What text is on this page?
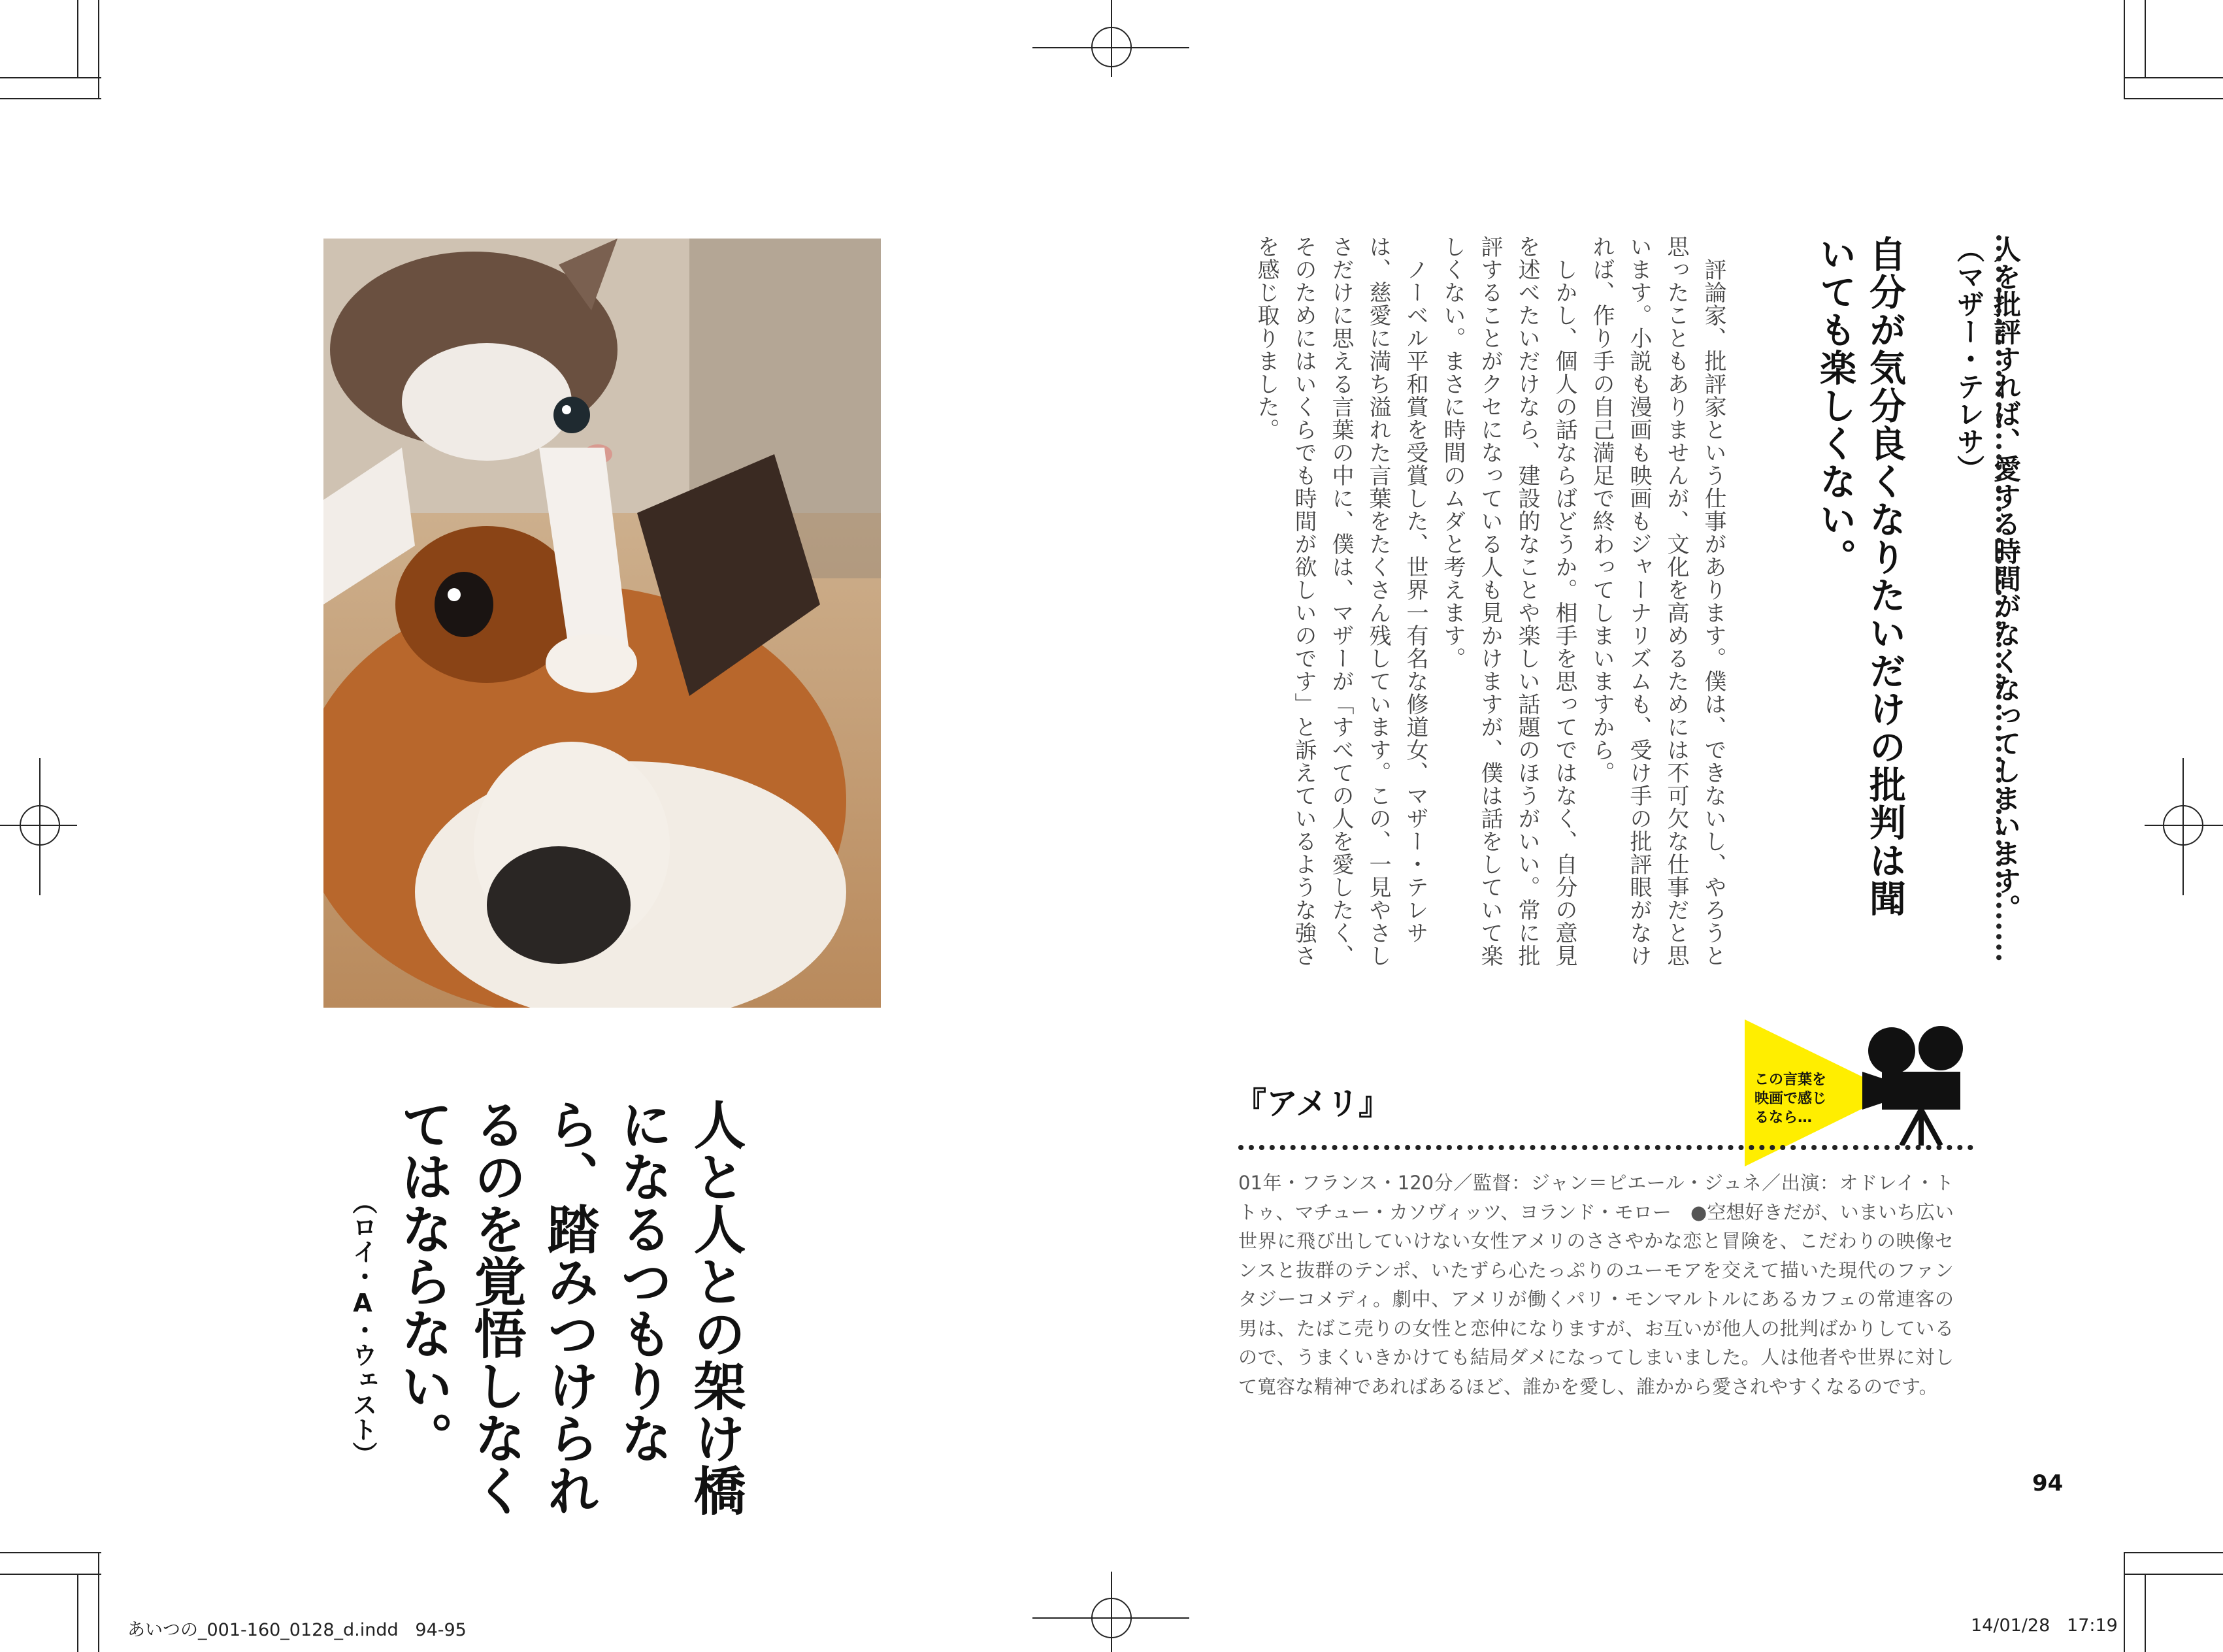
人と人との架け橋になるつもりなら、踏みつけられるのを覚悟しなくてはならない。
（ロイ・A・ウェスト）
人を批評すれば、愛する時間がなくなってしまいます。（マザー・テレサ）
自分が気分良くなりたいだけの批判は聞いても楽しくない。
　評論家、批評家という仕事があります。僕は、できないし、やろうと思ったこともありませんが、文化を高めるためには不可欠な仕事だと思います。小説も漫画も映画もジャーナリズムも、受け手の批評眼がなければ、作り手の自己満足で終わってしまいますから。
　しかし、個人の話ならばどうか。相手を思ってではなく、自分の意見を述べたいだけなら、建設的なことや楽しい話題のほうがいい。常に批評することがクセになっている人も見かけますが、僕は話をしていて楽しくない。まさに時間のムダと考えます。
　ノーベル平和賞を受賞した、世界一有名な修道女、マザー・テレサは、慈愛に満ち溢れた言葉をたくさん残しています。この、一見やさしさだけに思える言葉の中に、僕は、マザーが「すべての人を愛したく、そのためにはいくらでも時間が欲しいのです」と訴えているような強さを感じ取りました。
この言葉を映画で感じるなら…
『アメリ』
01年・フランス・120分／監督：ジャン＝ピエール・ジュネ／出演：オドレイ・トトゥ、マチュー・カソヴィッツ、ヨランド・モロー　●空想好きだが、いまいち広い世界に飛び出していけない女性アメリのささやかな恋と冒険を、こだわりの映像センスと抜群のテンポ、いたずら心たっぷりのユーモアを交えて描いた現代のファンタジーコメディ。劇中、アメリが働くパリ・モンマルトルにあるカフェの常連客の男は、たばこ売りの女性と恋仲になりますが、お互いが他人の批判ばかりしているので、うまくいきかけても結局ダメになってしまいました。人は他者や世界に対して寛容な精神であればあるほど、誰かを愛し、誰かから愛されやすくなるのです。
94
あいつの_001-160_0128_d.indd   94-95	14/01/28   17:19
